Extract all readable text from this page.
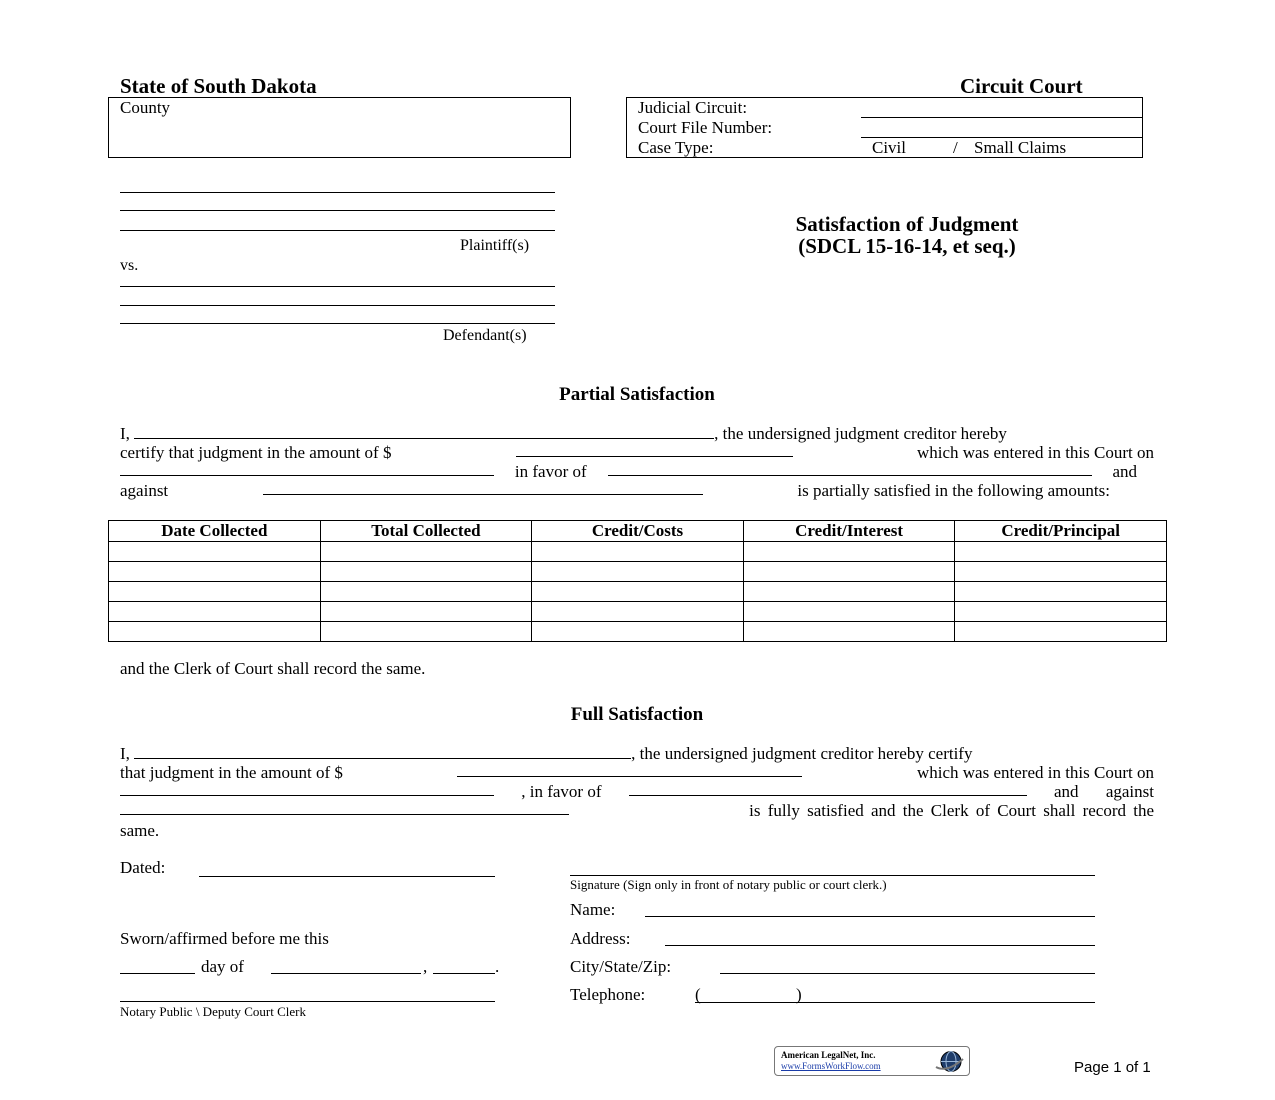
State of South Dakota	Circuit Court
County	Judicial Circuit:
Court File Number:
Case Type:	Civil	/ Small Claims
Plaintiff(s)
vs.
Defendant(s)
Satisfaction of Judgment
(SDCL 15-16-14, et seq.)
Partial Satisfaction
I,	, the undersigned judgment creditor hereby
certify that judgment in the amount of $	which was entered in this Court on
in favor of	and
against	is partially satisfied in the following amounts:
Date Collected	Total Collected	Credit/Costs	Credit/Interest	Credit/Principal

and the Clerk of Court shall record the same.
Full Satisfaction
I,	, the undersigned judgment creditor hereby certify
that judgment in the amount of $	which was entered in this Court on
, in favor of	and against
is fully satisfied and the Clerk of Court shall record the
same.
Dated:
Signature (Sign only in front of notary public or court clerk.)
Name:
Sworn/affirmed before me this	Address:
day of	,	.	City/State/Zip:
Notary Public \ Deputy Court Clerk
Telephone:	(	)
American LegalNet, Inc.
www.FormsWorkFlow.com	Page 1 of 1
